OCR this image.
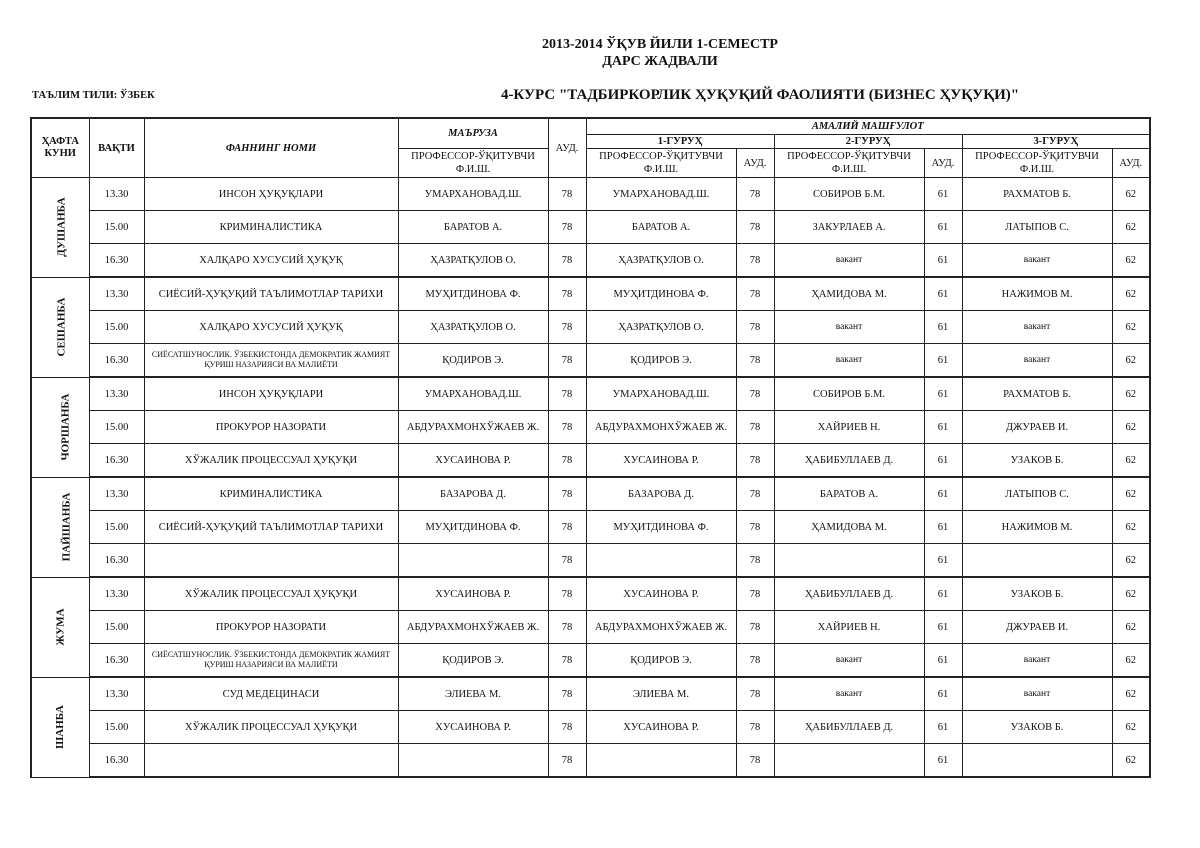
2013-2014 ЎҚУВ ЙИЛИ 1-СЕМЕСТР
ДАРС ЖАДВАЛИ
ТАЪЛИМ ТИЛИ: ЎЗБЕК	4-КУРС "ТАДБИРКОРЛИК ҲУҚУҚИЙ ФАОЛИЯТИ (БИЗНЕС ҲУҚУҚИ)"
ҲАФТА КУНИ	ВАҚТИ	ФАННИНГ НОМИ	МАЪРУЗА	АУД.	АМАЛИЙ МАШҒУЛОТ					
					1-ГУРУҲ		2-ГУРУҲ		3-ГУРУҲ	
			ПРОФЕССОР-ЎҚИТУВЧИ Ф.И.Ш.		ПРОФЕССОР-ЎҚИТУВЧИ Ф.И.Ш.	АУД.	ПРОФЕССОР-ЎҚИТУВЧИ Ф.И.Ш.	АУД.	ПРОФЕССОР-ЎҚИТУВЧИ Ф.И.Ш.	АУД.
ДУШАНБА	13.30	ИНСОН ҲУҚУҚЛАРИ	УМАРХАНОВАД.Ш.	78	УМАРХАНОВАД.Ш.	78	СОБИРОВ Б.М.	61	РАХМАТОВ Б.	62
	15.00	КРИМИНАЛИСТИКА	БАРАТОВ А.	78	БАРАТОВ А.	78	ЗАКУРЛАЕВ А.	61	ЛАТЫПОВ С.	62
	16.30	ХАЛҚАРО ХУСУСИЙ ҲУҚУҚ	ҲАЗРАТҚУЛОВ О.	78	ҲАЗРАТҚУЛОВ О.	78	вакант	61	вакант	62
СЕШАНБА	13.30	СИЁСИЙ-ҲУҚУҚИЙ ТАЪЛИМОТЛАР ТАРИХИ	МУҲИТДИНОВА Ф.	78	МУҲИТДИНОВА Ф.	78	ҲАМИДОВА М.	61	НАЖИМОВ М.	62
	15.00	ХАЛҚАРО ХУСУСИЙ ҲУҚУҚ	ҲАЗРАТҚУЛОВ О.	78	ҲАЗРАТҚУЛОВ О.	78	вакант	61	вакант	62
	16.30	СИЁСАТШУНОСЛИК. ЎЗБЕКИСТОНДА ДЕМОКРАТИК ЖАМИЯТ ҚУРИШ НАЗАРИЯСИ ВА МАЛИЁТИ	ҚОДИРОВ Э.	78	ҚОДИРОВ Э.	78	вакант	61	вакант	62
ЧОРШАНБА	13.30	ИНСОН ҲУҚУҚЛАРИ	УМАРХАНОВАД.Ш.	78	УМАРХАНОВАД.Ш.	78	СОБИРОВ Б.М.	61	РАХМАТОВ Б.	62
	15.00	ПРОКУРОР НАЗОРАТИ	АБДУРАХМОНХЎЖАЕВ Ж.	78	АБДУРАХМОНХЎЖАЕВ Ж.	78	ХАЙРИЕВ Н.	61	ДЖУРАЕВ И.	62
	16.30	ХЎЖАЛИК ПРОЦЕССУАЛ ҲУҚУҚИ	ХУСАИНОВА Р.	78	ХУСАИНОВА Р.	78	ҲАБИБУЛЛАЕВ Д.	61	УЗАКОВ Б.	62
ПАЙШАНБА	13.30	КРИМИНАЛИСТИКА	БАЗАРОВА Д.	78	БАЗАРОВА Д.	78	БАРАТОВ А.	61	ЛАТЫПОВ С.	62
	15.00	СИЁСИЙ-ҲУҚУҚИЙ ТАЪЛИМОТЛАР ТАРИХИ	МУҲИТДИНОВА Ф.	78	МУҲИТДИНОВА Ф.	78	ҲАМИДОВА М.	61	НАЖИМОВ М.	62
	16.30			78		78		61		62
ЖУМА	13.30	ХЎЖАЛИК ПРОЦЕССУАЛ ҲУҚУҚИ	ХУСАИНОВА Р.	78	ХУСАИНОВА Р.	78	ҲАБИБУЛЛАЕВ Д.	61	УЗАКОВ Б.	62
	15.00	ПРОКУРОР НАЗОРАТИ	АБДУРАХМОНХЎЖАЕВ Ж.	78	АБДУРАХМОНХЎЖАЕВ Ж.	78	ХАЙРИЕВ Н.	61	ДЖУРАЕВ И.	62
	16.30	СИЁСАТШУНОСЛИК. ЎЗБЕКИСТОНДА ДЕМОКРАТИК ЖАМИЯТ ҚУРИШ НАЗАРИЯСИ ВА МАЛИЁТИ	ҚОДИРОВ Э.	78	ҚОДИРОВ Э.	78	вакант	61	вакант	62
ШАНБА	13.30	СУД МЕДЕЦИНАСИ	ЭЛИЕВА М.	78	ЭЛИЕВА М.	78	вакант	61	вакант	62
	15.00	ХЎЖАЛИК ПРОЦЕССУАЛ ҲУҚУҚИ	ХУСАИНОВА Р.	78	ХУСАИНОВА Р.	78	ҲАБИБУЛЛАЕВ Д.	61	УЗАКОВ Б.	62
	16.30			78		78		61		62
